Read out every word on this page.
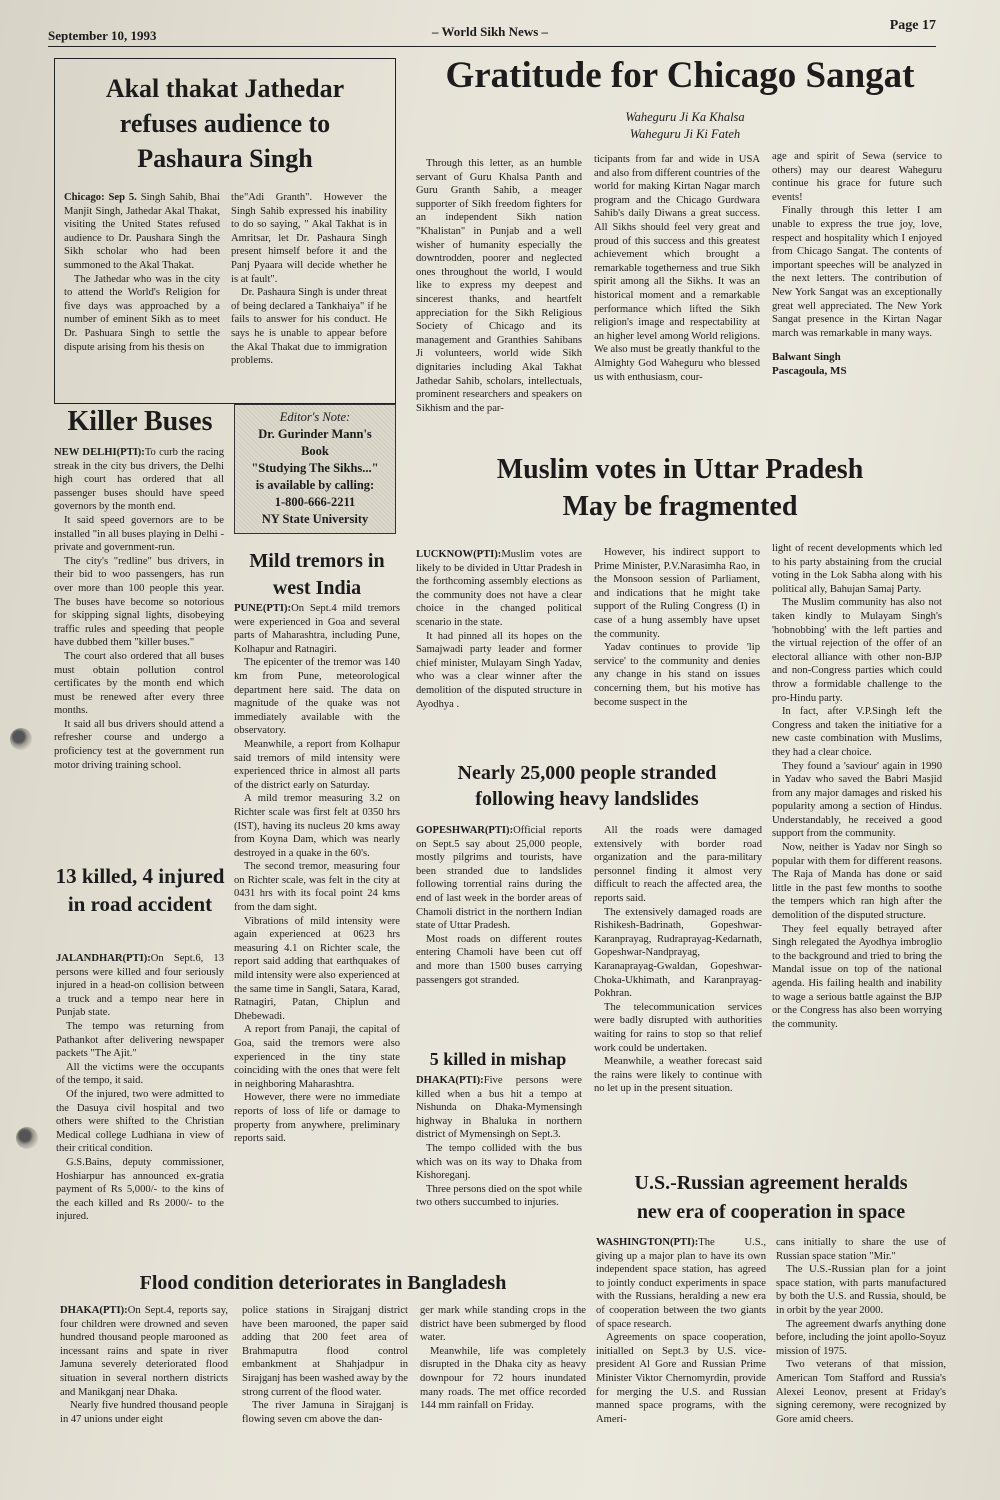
September 10, 1993	– World Sikh News –	Page 17
Akal thakat Jathedar refuses audience to Pashaura Singh

Chicago: Sep 5. Singh Sahib, Bhai Manjit Singh, Jathedar Akal Thakat, visiting the United States refused audience to Dr. Paushara Singh the Sikh scholar who had been summoned to the Akal Thakat.

The Jathedar who was in the city to attend the World's Religion for five days was approached by a number of eminent Sikh as to meet Dr. Pashuara Singh to settle the dispute arising from his thesis on

the"Adi Granth". However the Singh Sahib expressed his inability to do so saying, " Akal Takhat is in Amritsar, let Dr. Pashaura Singh present himself before it and the Panj Pyaara will decide whether he is at fault".

Dr. Pashaura Singh is under threat of being declared a Tankhaiya" if he fails to answer for his conduct. He says he is unable to appear before the Akal Thakat due to immigration problems.

Gratitude for Chicago Sangat
Waheguru Ji Ka Khalsa
Waheguru Ji Ki Fateh

Through this letter, as an humble servant of Guru Khalsa Panth and Guru Granth Sahib, a meager supporter of Sikh freedom fighters for an independent Sikh nation "Khalistan" in Punjab and a well wisher of humanity especially the downtrodden, poorer and neglected ones throughout the world, I would like to express my deepest and sincerest thanks, and heartfelt appreciation for the Sikh Religious Society of Chicago and its management and Granthies Sahibans Ji volunteers, world wide Sikh dignitaries including Akal Takhat Jathedar Sahib, scholars, intellectuals, prominent researchers and speakers on Sikhism and the par-

ticipants from far and wide in USA and also from different countries of the world for making Kirtan Nagar march program and the Chicago Gurdwara Sahib's daily Diwans a great success. All Sikhs should feel very great and proud of this success and this greatest achievement which brought a remarkable togetherness and true Sikh spirit among all the Sikhs. It was an historical moment and a remarkable performance which lifted the Sikh religion's image and respectability at an higher level among World religions. We also must be greatly thankful to the Almighty God Waheguru who blessed us with enthusiasm, cour-

age and spirit of Sewa (service to others) may our dearest Waheguru continue his grace for future such events!

Finally through this letter I am unable to express the true joy, love, respect and hospitality which I enjoyed from Chicago Sangat. The contents of important speeches will be analyzed in the next letters. The contribution of New York Sangat was an exceptionally great well appreciated. The New York Sangat presence in the Kirtan Nagar march was remarkable in many ways.

Balwant Singh
Pascagoula, MS
Killer Buses

NEW DELHI(PTI):To curb the racing streak in the city bus drivers, the Delhi high court has ordered that all passenger buses should have speed governors by the month end.

It said speed governors are to be installed "in all buses playing in Delhi - private and government-run.

The city's "redline" bus drivers, in their bid to woo passengers, has run over more than 100 people this year. The buses have become so notorious for skipping signal lights, disobeying traffic rules and speeding that people have dubbed them "killer buses."

The court also ordered that all buses must obtain pollution control certificates by the month end which must be renewed after every three months.

It said all bus drivers should attend a refresher course and undergo a proficiency test at the government run motor driving training school.

Editor's Note:
Dr. Gurinder Mann's
Book
"Studying The Sikhs..."
is available by calling:
1-800-666-2211
NY State University
Mild tremors in west India

PUNE(PTI):On Sept.4 mild tremors were experienced in Goa and several parts of Maharashtra, including Pune, Kolhapur and Ratnagiri.

The epicenter of the tremor was 140 km from Pune, meteorological department here said. The data on magnitude of the quake was not immediately available with the observatory.

Meanwhile, a report from Kolhapur said tremors of mild intensity were experienced thrice in almost all parts of the district early on Saturday.

A mild tremor measuring 3.2 on Richter scale was first felt at 0350 hrs (IST), having its nucleus 20 kms away from Koyna Dam, which was nearly destroyed in a quake in the 60's.

The second tremor, measuring four on Richter scale, was felt in the city at 0431 hrs with its focal point 24 kms from the dam sight.

Vibrations of mild intensity were again experienced at 0623 hrs measuring 4.1 on Richter scale, the report said adding that earthquakes of mild intensity were also experienced at the same time in Sangli, Satara, Karad, Ratnagiri, Patan, Chiplun and Dhebewadi.

A report from Panaji, the capital of Goa, said the tremors were also experienced in the tiny state coinciding with the ones that were felt in neighboring Maharashtra.

However, there were no immediate reports of loss of life or damage to property from anywhere, preliminary reports said.

13 killed, 4 injured in road accident

JALANDHAR(PTI):On Sept.6, 13 persons were killed and four seriously injured in a head-on collision between a truck and a tempo near here in Punjab state.

The tempo was returning from Pathankot after delivering newspaper packets "The Ajit."

All the victims were the occupants of the tempo, it said.

Of the injured, two were admitted to the Dasuya civil hospital and two others were shifted to the Christian Medical college Ludhiana in view of their critical condition.

G.S.Bains, deputy commissioner, Hoshiarpur has announced ex-gratia payment of Rs 5,000/- to the kins of the each killed and Rs 2000/- to the injured.

Muslim votes in Uttar Pradesh
May be fragmented

LUCKNOW(PTI):Muslim votes are likely to be divided in Uttar Pradesh in the forthcoming assembly elections as the community does not have a clear choice in the changed political scenario in the state.

It had pinned all its hopes on the Samajwadi party leader and former chief minister, Mulayam Singh Yadav, who was a clear winner after the demolition of the disputed structure in Ayodhya .

However, his indirect support to Prime Minister, P.V.Narasimha Rao, in the Monsoon session of Parliament, and indications that he might take support of the Ruling Congress (I) in case of a hung assembly have upset the community.

Yadav continues to provide 'lip service' to the community and denies any change in his stand on issues concerning them, but his motive has become suspect in the

light of recent developments which led to his party abstaining from the crucial voting in the Lok Sabha along with his political ally, Bahujan Samaj Party.

The Muslim community has also not taken kindly to Mulayam Singh's 'hobnobbing' with the left parties and the virtual rejection of the offer of an electoral alliance with other non-BJP and non-Congress parties which could throw a formidable challenge to the pro-Hindu party.

In fact, after V.P.Singh left the Congress and taken the initiative for a new caste combination with Muslims, they had a clear choice.

They found a 'saviour' again in 1990 in Yadav who saved the Babri Masjid from any major damages and risked his popularity among a section of Hindus. Understandably, he received a good support from the community.

Now, neither is Yadav nor Singh so popular with them for different reasons. The Raja of Manda has done or said little in the past few months to soothe the tempers which ran high after the demolition of the disputed structure.

They feel equally betrayed after Singh relegated the Ayodhya imbroglio to the background and tried to bring the Mandal issue on top of the national agenda. His failing health and inability to wage a serious battle against the BJP or the Congress has also been worrying the community.

Nearly 25,000 people stranded
following heavy landslides

GOPESHWAR(PTI):Official reports on Sept.5 say about 25,000 people, mostly pilgrims and tourists, have been stranded due to landslides following torrential rains during the end of last week in the border areas of Chamoli district in the northern Indian state of Uttar Pradesh.

Most roads on different routes entering Chamoli have been cut off and more than 1500 buses carrying passengers got stranded.

All the roads were damaged extensively with border road organization and the para-military personnel finding it almost very difficult to reach the affected area, the reports said.

The extensively damaged roads are Rishikesh-Badrinath, Gopeshwar-Karanprayag, Rudraprayag-Kedarnath, Gopeshwar-Nandprayag, Karanaprayag-Gwaldan, Gopeshwar-Choka-Ukhimath, and Karanprayag-Pokhran.

The telecommunication services were badly disrupted with authorities waiting for rains to stop so that relief work could be undertaken.

Meanwhile, a weather forecast said the rains were likely to continue with no let up in the present situation.

5 killed in mishap

DHAKA(PTI):Five persons were killed when a bus hit a tempo at Nishunda on Dhaka-Mymensingh highway in Bhaluka in northern district of Mymensingh on Sept.3.

The tempo collided with the bus which was on its way to Dhaka from Kishoreganj.

Three persons died on the spot while two others succumbed to injuries.

U.S.-Russian agreement heralds
new era of cooperation in space

WASHINGTON(PTI):The U.S., giving up a major plan to have its own independent space station, has agreed to jointly conduct experiments in space with the Russians, heralding a new era of cooperation between the two giants of space research.

Agreements on space cooperation, initialled on Sept.3 by U.S. vice-president Al Gore and Russian Prime Minister Viktor Chernomyrdin, provide for merging the U.S. and Russian manned space programs, with the Ameri-

cans initially to share the use of Russian space station "Mir."

The U.S.-Russian plan for a joint space station, with parts manufactured by both the U.S. and Russia, should, be in orbit by the year 2000.

The agreement dwarfs anything done before, including the joint apollo-Soyuz mission of 1975.

Two veterans of that mission, American Tom Stafford and Russia's Alexei Leonov, present at Friday's signing ceremony, were recognized by Gore amid cheers.

Flood condition deteriorates in Bangladesh

DHAKA(PTI):On Sept.4, reports say, four children were drowned and seven hundred thousand people marooned as incessant rains and spate in river Jamuna severely deteriorated flood situation in several northern districts and Manikganj near Dhaka.

Nearly five hundred thousand people in 47 unions under eight

police stations in Sirajganj district have been marooned, the paper said adding that 200 feet area of Brahmaputra flood control embankment at Shahjadpur in Sirajganj has been washed away by the strong current of the flood water.

The river Jamuna in Sirajganj is flowing seven cm above the dan-

ger mark while standing crops in the district have been submerged by flood water.

Meanwhile, life was completely disrupted in the Dhaka city as heavy downpour for 72 hours inundated many roads. The met office recorded 144 mm rainfall on Friday.
